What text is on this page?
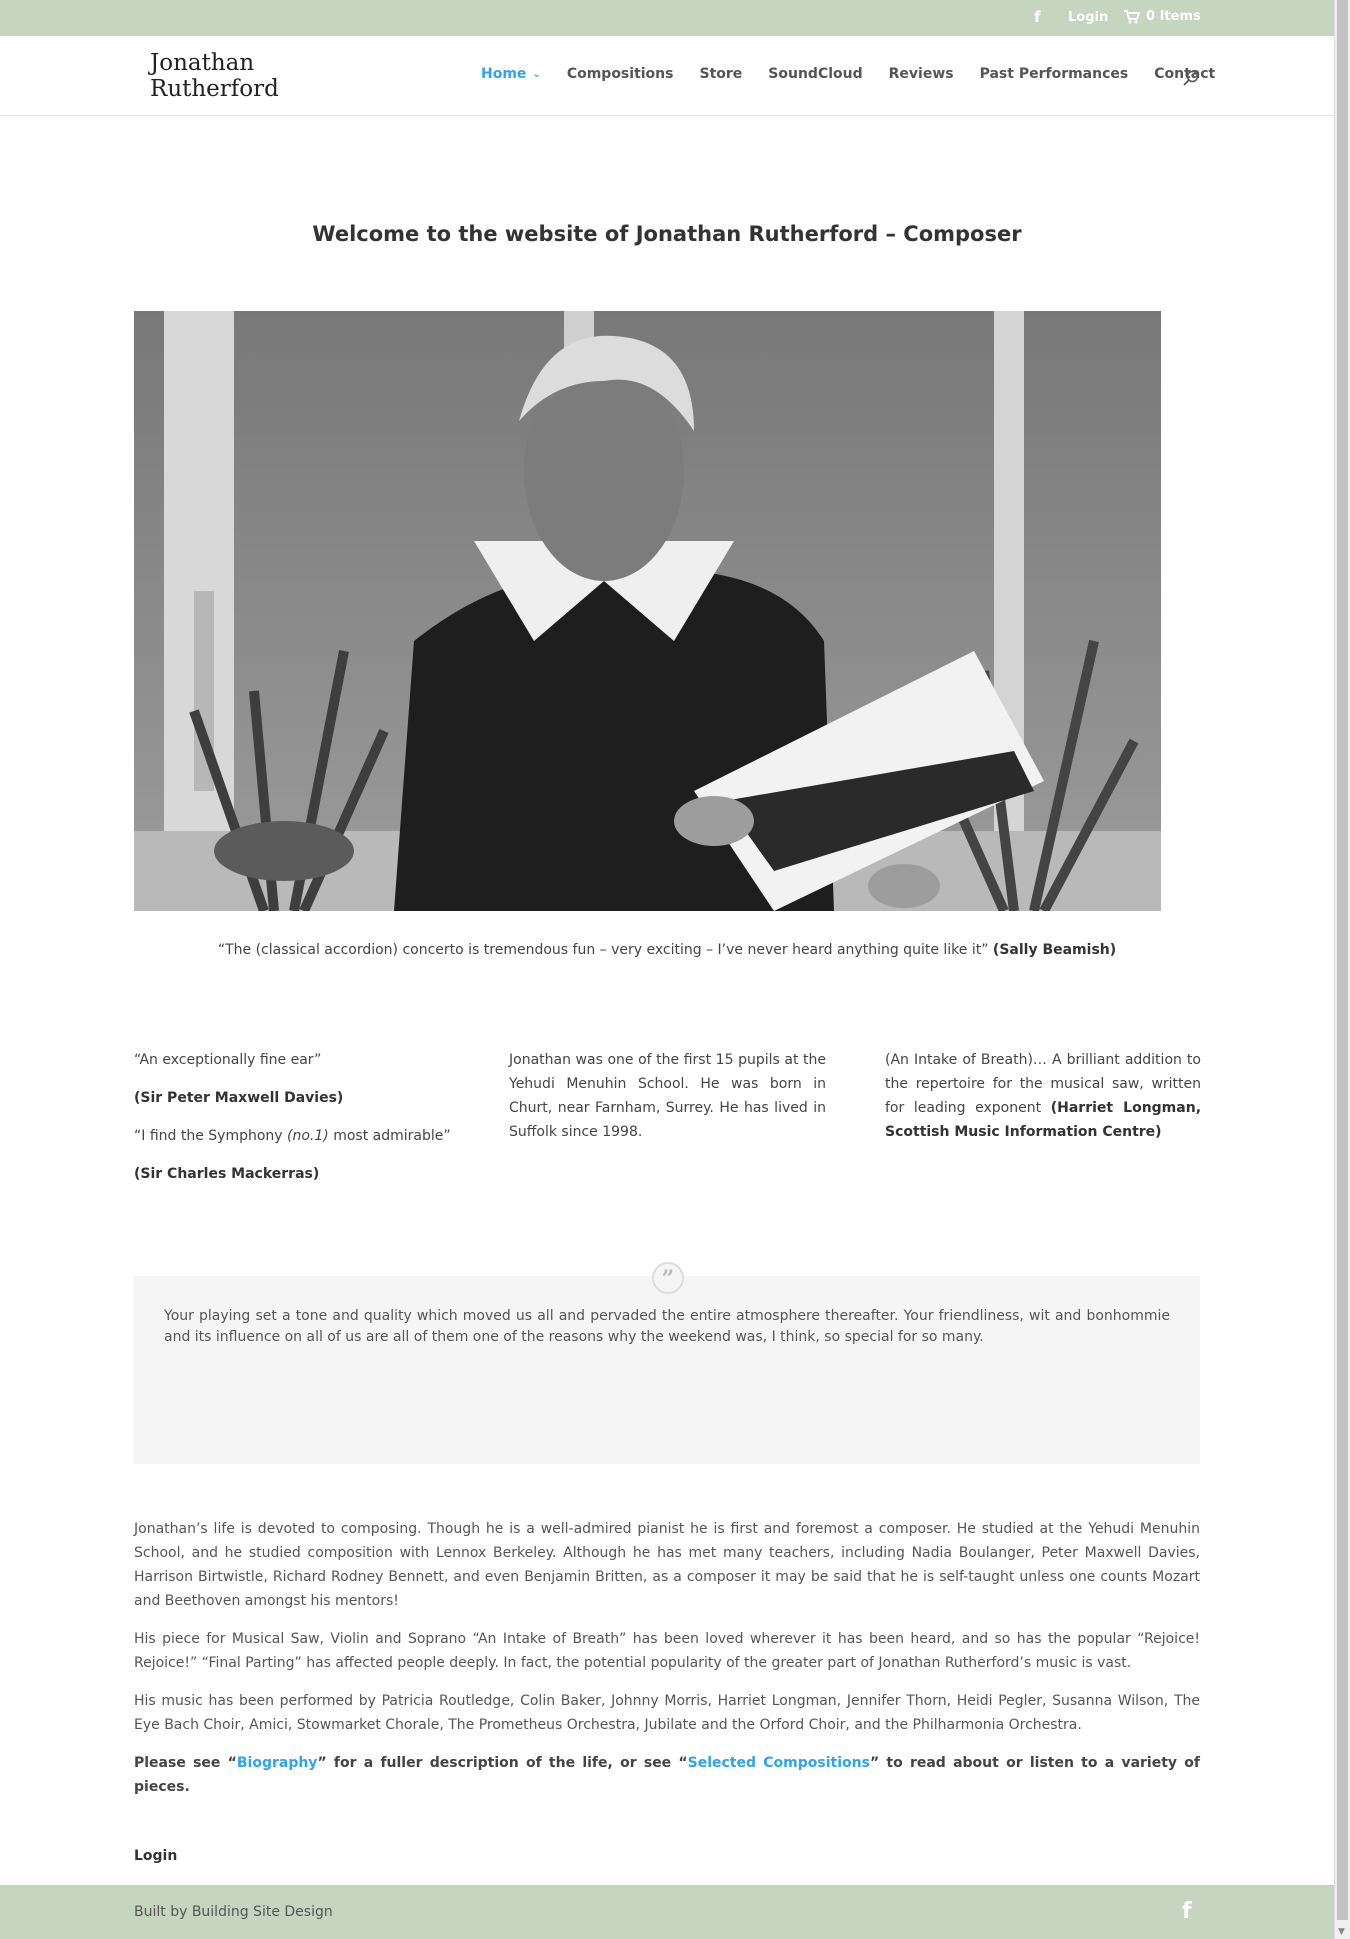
f	Login	0 Items
Jonathan
Rutherford
Home ⌄ Compositions Store SoundCloud Reviews Past Performances Contact
Welcome to the website of Jonathan Rutherford – Composer

“The (classical accordion) concerto is tremendous fun – very exciting – I’ve never heard anything quite like it” (Sally Beamish)

“An exceptionally fine ear”

(Sir Peter Maxwell Davies)

“I find the Symphony (no.1) most admirable”

(Sir Charles Mackerras)

Jonathan was one of the first 15 pupils at the Yehudi Menuhin School. He was born in Churt, near Farnham, Surrey. He has lived in Suffolk since 1998.

(An Intake of Breath)… A brilliant addition to the repertoire for the musical saw, written for leading exponent (Harriet Longman, Scottish Music Information Centre)

”

Your playing set a tone and quality which moved us all and pervaded the entire atmosphere thereafter. Your friendliness, wit and bonhommie and its influence on all of us are all of them one of the reasons why the weekend was, I think, so special for so many.

Jonathan’s life is devoted to composing. Though he is a well-admired pianist he is first and foremost a composer. He studied at the Yehudi Menuhin School, and he studied composition with Lennox Berkeley. Although he has met many teachers, including Nadia Boulanger, Peter Maxwell Davies, Harrison Birtwistle, Richard Rodney Bennett, and even Benjamin Britten, as a composer it may be said that he is self-taught unless one counts Mozart and Beethoven amongst his mentors!

His piece for Musical Saw, Violin and Soprano “An Intake of Breath” has been loved wherever it has been heard, and so has the popular “Rejoice! Rejoice!” “Final Parting” has affected people deeply. In fact, the potential popularity of the greater part of Jonathan Rutherford’s music is vast.

His music has been performed by Patricia Routledge, Colin Baker, Johnny Morris, Harriet Longman, Jennifer Thorn, Heidi Pegler, Susanna Wilson, The Eye Bach Choir, Amici, Stowmarket Chorale, The Prometheus Orchestra, Jubilate and the Orford Choir, and the Philharmonia Orchestra.

Please see “Biography” for a fuller description of the life, or see “Selected Compositions” to read about or listen to a variety of pieces.

Login
Built by Building Site Design	f
▼
